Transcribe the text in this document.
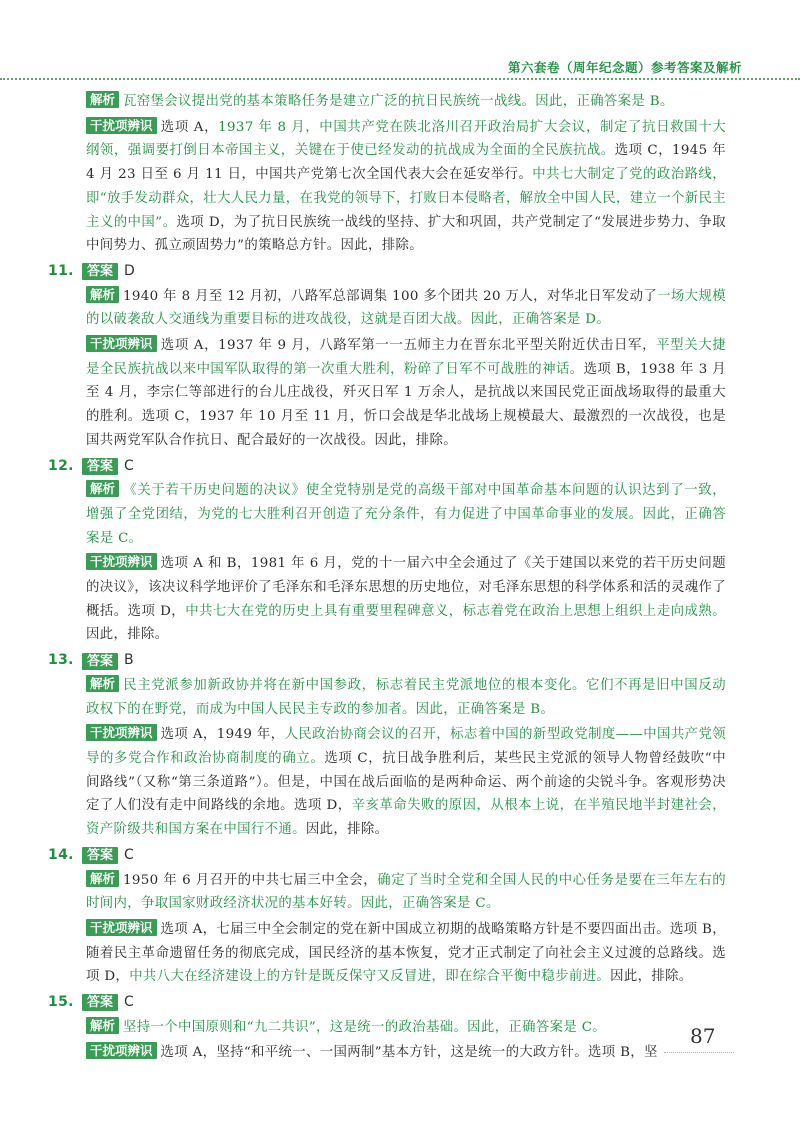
第六套卷（周年纪念题）参考答案及解析

解析 瓦窑堡会议提出党的基本策略任务是建立广泛的抗日民族统一战线。因此，正确答案是 B。

干扰项辨识 选项 A，1937 年 8 月，中国共产党在陕北洛川召开政治局扩大会议，制定了抗日救国十大纲领，强调要打倒日本帝国主义，关键在于使已经发动的抗战成为全面的全民族抗战。选项 C，1945 年 4 月 23 日至 6 月 11 日，中国共产党第七次全国代表大会在延安举行。中共七大制定了党的政治路线，即“放手发动群众，壮大人民力量，在我党的领导下，打败日本侵略者，解放全中国人民，建立一个新民主主义的中国”。选项 D，为了抗日民族统一战线的坚持、扩大和巩固，共产党制定了“发展进步势力、争取中间势力、孤立顽固势力”的策略总方针。因此，排除。

11.	答案 D

解析 1940 年 8 月至 12 月初，八路军总部调集 100 多个团共 20 万人，对华北日军发动了一场大规模的以破袭敌人交通线为重要目标的进攻战役，这就是百团大战。因此，正确答案是 D。

干扰项辨识 选项 A，1937 年 9 月，八路军第一一五师主力在晋东北平型关附近伏击日军，平型关大捷是全民族抗战以来中国军队取得的第一次重大胜利，粉碎了日军不可战胜的神话。选项 B，1938 年 3 月至 4 月，李宗仁等部进行的台儿庄战役，歼灭日军 1 万余人，是抗战以来国民党正面战场取得的最重大的胜利。选项 C，1937 年 10 月至 11 月，忻口会战是华北战场上规模最大、最激烈的一次战役，也是国共两党军队合作抗日、配合最好的一次战役。因此，排除。

12.	答案 C

解析 《关于若干历史问题的决议》使全党特别是党的高级干部对中国革命基本问题的认识达到了一致，增强了全党团结，为党的七大胜利召开创造了充分条件，有力促进了中国革命事业的发展。因此，正确答案是 C。

干扰项辨识 选项 A 和 B，1981 年 6 月，党的十一届六中全会通过了《关于建国以来党的若干历史问题的决议》，该决议科学地评价了毛泽东和毛泽东思想的历史地位，对毛泽东思想的科学体系和活的灵魂作了概括。选项 D，中共七大在党的历史上具有重要里程碑意义，标志着党在政治上思想上组织上走向成熟。因此，排除。

13.	答案 B

解析 民主党派参加新政协并将在新中国参政，标志着民主党派地位的根本变化。它们不再是旧中国反动政权下的在野党，而成为中国人民民主专政的参加者。因此，正确答案是 B。

干扰项辨识 选项 A，1949 年，人民政治协商会议的召开，标志着中国的新型政党制度——中国共产党领导的多党合作和政治协商制度的确立。选项 C，抗日战争胜利后，某些民主党派的领导人物曾经鼓吹“中间路线”（又称“第三条道路”）。但是，中国在战后面临的是两种命运、两个前途的尖锐斗争。客观形势决定了人们没有走中间路线的余地。选项 D，辛亥革命失败的原因，从根本上说，在半殖民地半封建社会，资产阶级共和国方案在中国行不通。因此，排除。

14.	答案 C

解析 1950 年 6 月召开的中共七届三中全会，确定了当时全党和全国人民的中心任务是要在三年左右的时间内，争取国家财政经济状况的基本好转。因此，正确答案是 C。

干扰项辨识 选项 A，七届三中全会制定的党在新中国成立初期的战略策略方针是不要四面出击。选项 B，随着民主革命遗留任务的彻底完成，国民经济的基本恢复，党才正式制定了向社会主义过渡的总路线。选项 D，中共八大在经济建设上的方针是既反保守又反冒进，即在综合平衡中稳步前进。因此，排除。

15.	答案 C

解析 坚持一个中国原则和“九二共识”，这是统一的政治基础。因此，正确答案是 C。

干扰项辨识 选项 A，坚持“和平统一、一国两制”基本方针，这是统一的大政方针。选项 B，坚

87
